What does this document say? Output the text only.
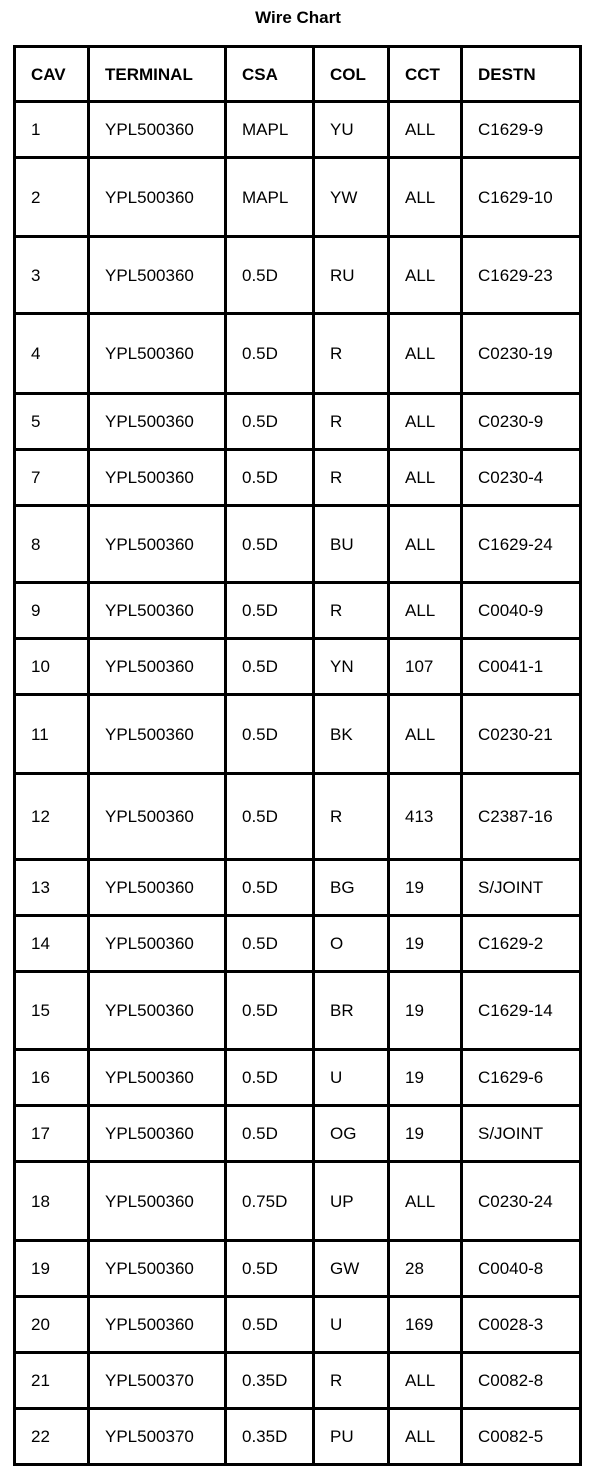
Wire Chart
CAV	TERMINAL	CSA	COL	CCT	DESTN
1	YPL500360	MAPL	YU	ALL	C1629-9
2	YPL500360	MAPL	YW	ALL	C1629-10
3	YPL500360	0.5D	RU	ALL	C1629-23
4	YPL500360	0.5D	R	ALL	C0230-19
5	YPL500360	0.5D	R	ALL	C0230-9
7	YPL500360	0.5D	R	ALL	C0230-4
8	YPL500360	0.5D	BU	ALL	C1629-24
9	YPL500360	0.5D	R	ALL	C0040-9
10	YPL500360	0.5D	YN	107	C0041-1
11	YPL500360	0.5D	BK	ALL	C0230-21
12	YPL500360	0.5D	R	413	C2387-16
13	YPL500360	0.5D	BG	19	S/JOINT
14	YPL500360	0.5D	O	19	C1629-2
15	YPL500360	0.5D	BR	19	C1629-14
16	YPL500360	0.5D	U	19	C1629-6
17	YPL500360	0.5D	OG	19	S/JOINT
18	YPL500360	0.75D	UP	ALL	C0230-24
19	YPL500360	0.5D	GW	28	C0040-8
20	YPL500360	0.5D	U	169	C0028-3
21	YPL500370	0.35D	R	ALL	C0082-8
22	YPL500370	0.35D	PU	ALL	C0082-5
